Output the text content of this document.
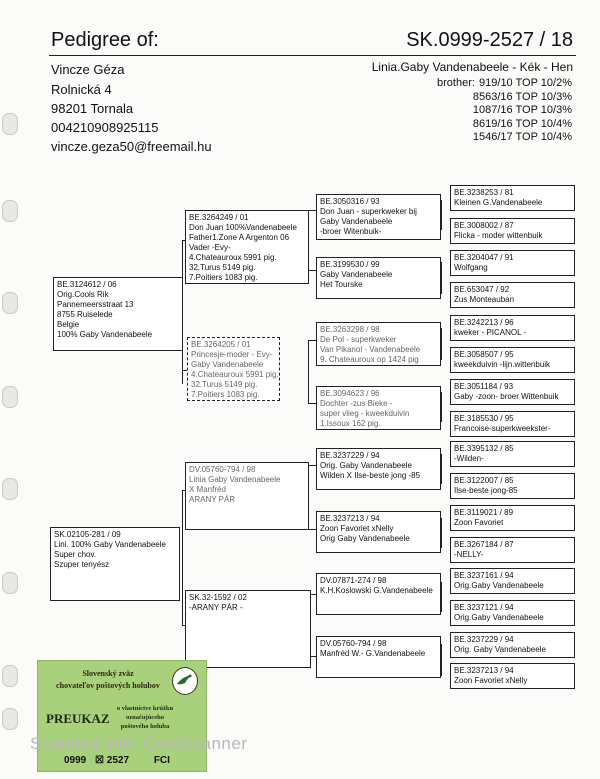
Pedigree of:	SK.0999-2527 / 18
Vincze Géza
Rolnická 4
98201 Tornala
004210908925115
vincze.geza50@freemail.hu
Linia.Gaby Vandenabeele - Kék - Hen
brother: 919/10 TOP 10/2%
8563/16 TOP 10/3%
1087/16 TOP 10/3%
8619/16 TOP 10/4%
1546/17 TOP 10/4%
BE.3124612 / 06
Orig.Cools Rik
Pannemeersstraat 13
8755 Ruiselede
Belgie
100% Gaby Vandenabeele
SK.02105-281 / 09
Lini. 100% Gaby Vandenabeele
Super chov.
Szuper tenyész
BE.3264249 / 01
Don Juan 100%Vandenabeele
Father1.Zone A Argenton 06
Vader -Evy-
4.Chateauroux 5991 pig.
32.Turus 5149 pig.
7.Poitiers 1083 pig.
BE.3264205 / 01
Princesje-moder - Evy-
Gaby Vandenabeele
4.Chateauroux 5991 pig.
32.Turus 5149 pig.
7.Poitiers 1083 pig.
DV.05760-794 / 98
Linia Gaby Vandenabeele
X Manfréd
ARANY PÁR
SK.32-1592 / 02
-ARANY PÁR -
BE.3050316 / 93
Don Juan - superkweker bij
Gaby Vandenabeele
-broer Witenbuik-
BE.3199530 / 99
Gaby Vandenabeele
Het Tourske
BE.3263298 / 98
De Pol - superkweker
Van Pikanol - Vandenabeele
9. Chateauroux op 1424 pig
BE.3094623 / 96
Dochter -zus Bieke -
super vlieg - kweekduivin
1.Issoux 162 pig.
BE.3237229 / 94
Orig. Gaby Vandenabeele
Wilden X Ilse-beste jong -85
BE.3237213 / 94
Zoon Favoriet xNelly
Orig Gaby Vandenabeele
DV.07871-274 / 98
K.H.Koslowski G.Vandenabeele
DV.05760-794 / 98
Manfréd W.- G.Vandenabeele
BE.3238253 / 81
Kleinen G.Vandenabeele
BE.3008002 / 87
Flicka - moder wittenbuik
BE.3204047 / 91
Wolfgang
BE.653047 / 92
Zus Monteauban
BE.3242213 / 96
kweker - PICANOL -
BE.3058507 / 95
kweekduivin -lijn.wittenbuik
BE.3051184 / 93
Gaby -zoon- broer Wittenbuik
BE.3185530 / 95
Francoise-superkweekster-
BE.3395132 / 85
-Wilden-
BE.3122007 / 85
Ilse-beste jong-85
BE.3119021 / 89
Zoon Favoriet
BE.3267184 / 87
-NELLY-
BE.3237161 / 94
Orig.Gaby Vandenabeele
BE.3237121 / 94
Orig.Gaby Vandenabeele
BE.3237229 / 94
Orig. Gaby Vandenabeele
BE.3237213 / 94
Zoon Favoriet xNelly
Slovenský zväz
chovateľov poštových holubov
PREUKAZ
o vlastníctve krúžku
označujúceho
poštového holuba
0999 ☒ 2527 FCI
Scanned with CamScanner
